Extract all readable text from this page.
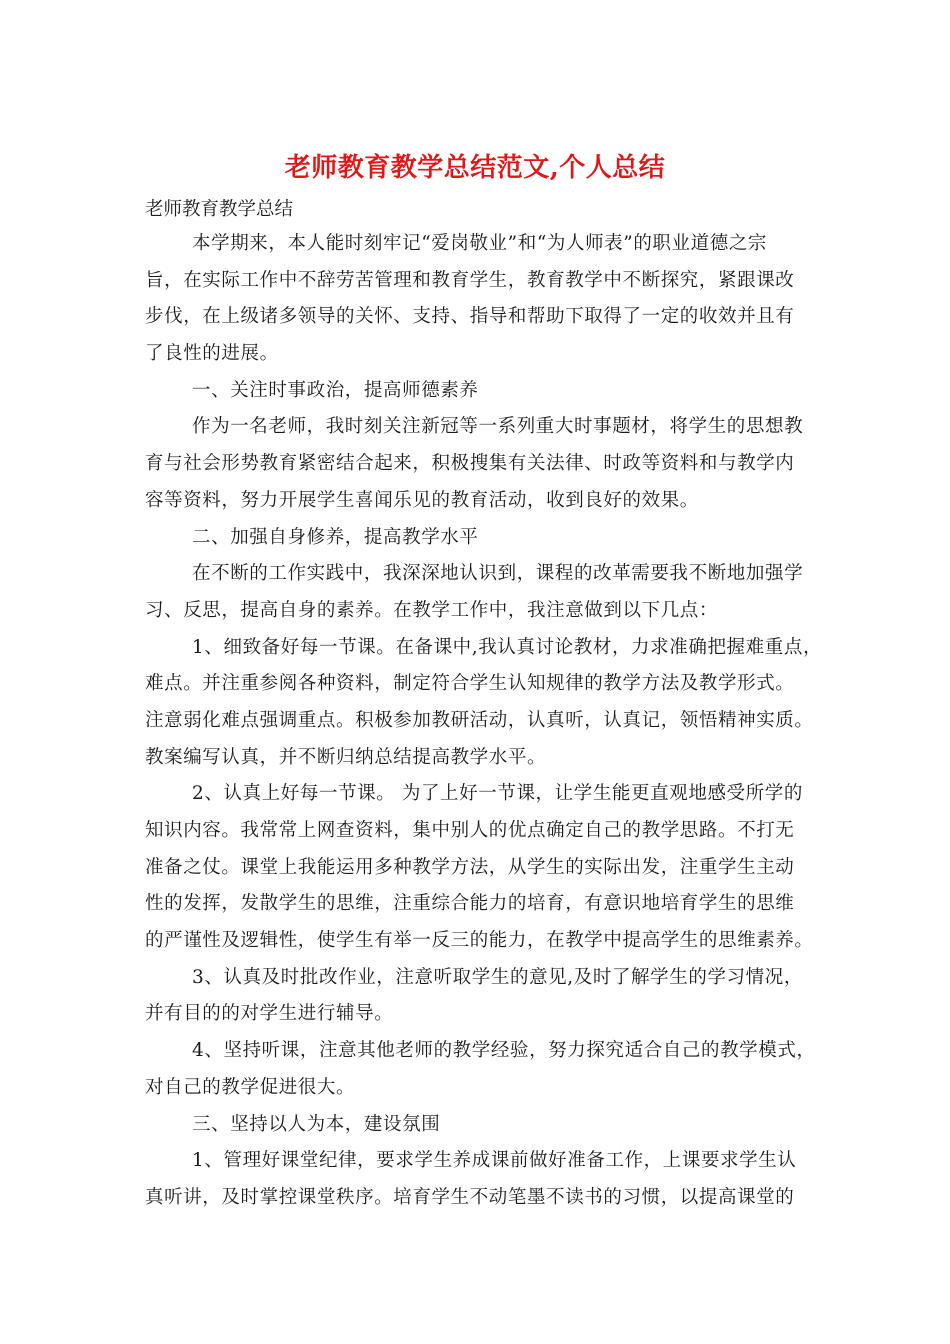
老师教育教学总结范文,个人总结
老师教育教学总结
本学期来，本人能时刻牢记“爱岗敬业”和“为人师表”的职业道德之宗
旨，在实际工作中不辞劳苦管理和教育学生，教育教学中不断探究，紧跟课改
步伐，在上级诸多领导的关怀、支持、指导和帮助下取得了一定的收效并且有
了良性的进展。
一、关注时事政治，提高师德素养
作为一名老师，我时刻关注新冠等一系列重大时事题材，将学生的思想教
育与社会形势教育紧密结合起来，积极搜集有关法律、时政等资料和与教学内
容等资料，努力开展学生喜闻乐见的教育活动，收到良好的效果。
二、加强自身修养，提高教学水平
在不断的工作实践中，我深深地认识到，课程的改革需要我不断地加强学
习、反思，提高自身的素养。在教学工作中，我注意做到以下几点：
1、细致备好每一节课。在备课中,我认真讨论教材，力求准确把握难重点，
难点。并注重参阅各种资料，制定符合学生认知规律的教学方法及教学形式。
注意弱化难点强调重点。积极参加教研活动，认真听，认真记，领悟精神实质。
教案编写认真，并不断归纳总结提高教学水平。
2、认真上好每一节课。 为了上好一节课，让学生能更直观地感受所学的
知识内容。我常常上网查资料，集中别人的优点确定自己的教学思路。不打无
准备之仗。课堂上我能运用多种教学方法，从学生的实际出发，注重学生主动
性的发挥，发散学生的思维，注重综合能力的培育，有意识地培育学生的思维
的严谨性及逻辑性，使学生有举一反三的能力，在教学中提高学生的思维素养。
3、认真及时批改作业，注意听取学生的意见,及时了解学生的学习情况，
并有目的的对学生进行辅导。
4、坚持听课，注意其他老师的教学经验，努力探究适合自己的教学模式，
对自己的教学促进很大。
三、坚持以人为本，建设氛围
1、管理好课堂纪律，要求学生养成课前做好准备工作，上课要求学生认
真听讲，及时掌控课堂秩序。培育学生不动笔墨不读书的习惯，以提高课堂的
